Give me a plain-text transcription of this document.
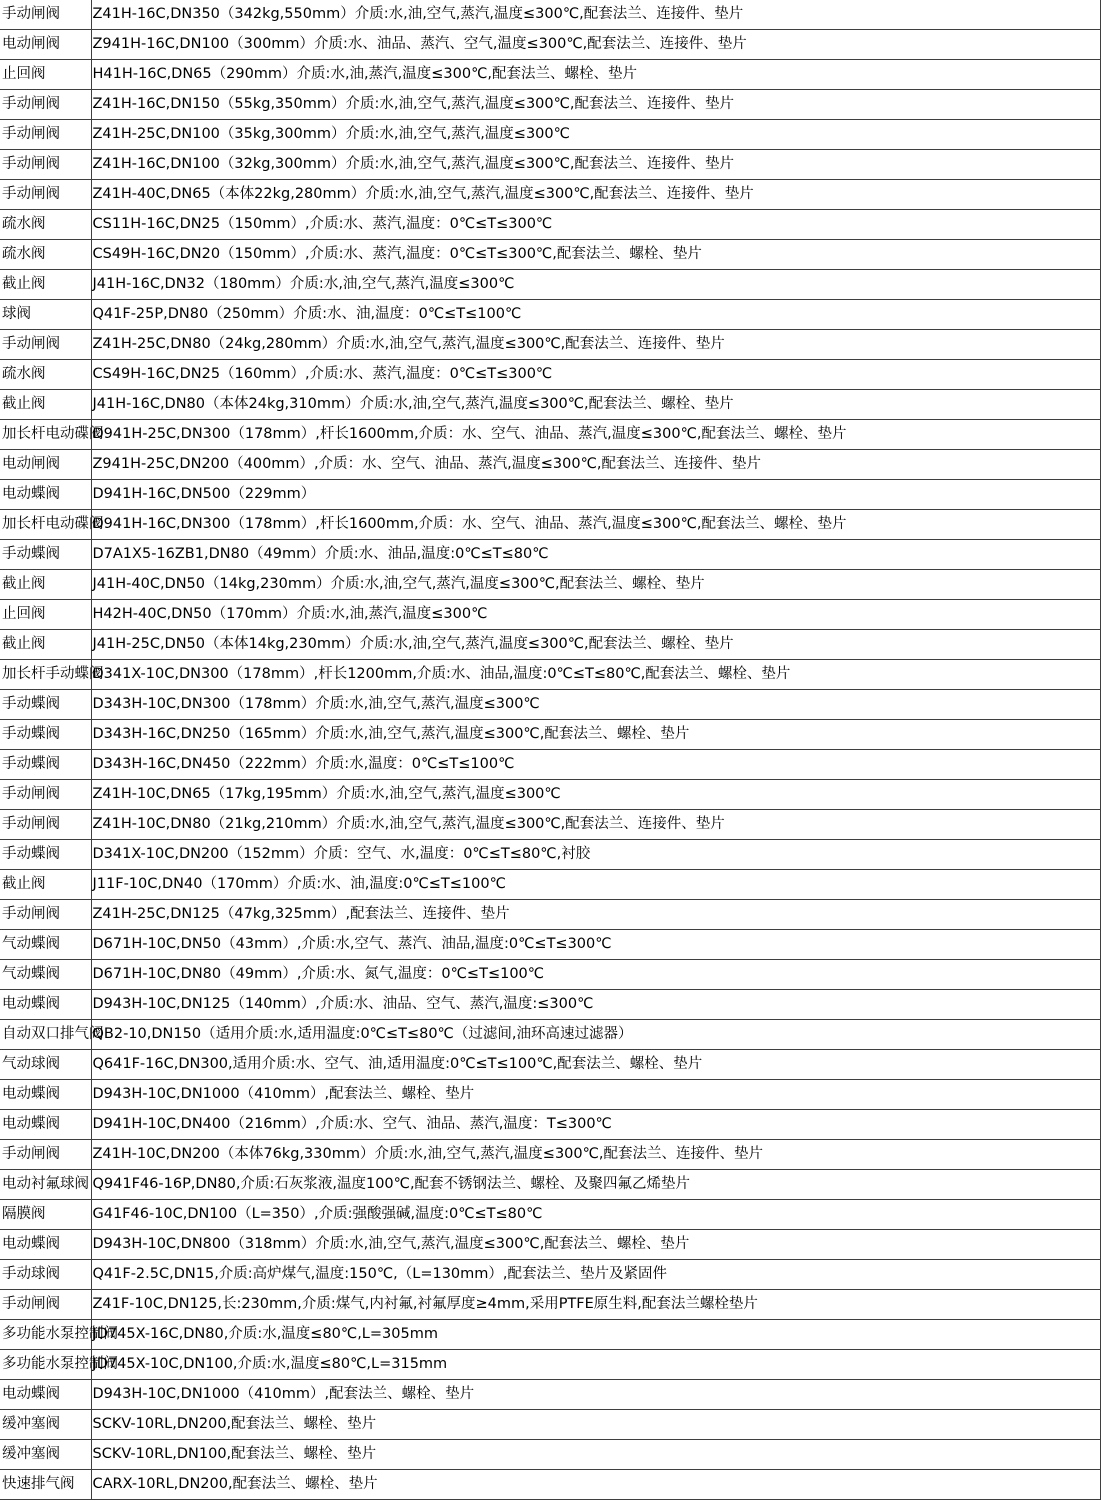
手动闸阀	Z41H-16C,DN350（342kg,550mm）介质:水,油,空气,蒸汽,温度≤300℃,配套法兰、连接件、垫片
电动闸阀	Z941H-16C,DN100（300mm）介质:水、油品、蒸汽、空气,温度≤300℃,配套法兰、连接件、垫片
止回阀	H41H-16C,DN65（290mm）介质:水,油,蒸汽,温度≤300℃,配套法兰、螺栓、垫片
手动闸阀	Z41H-16C,DN150（55kg,350mm）介质:水,油,空气,蒸汽,温度≤300℃,配套法兰、连接件、垫片
手动闸阀	Z41H-25C,DN100（35kg,300mm）介质:水,油,空气,蒸汽,温度≤300℃
手动闸阀	Z41H-16C,DN100（32kg,300mm）介质:水,油,空气,蒸汽,温度≤300℃,配套法兰、连接件、垫片
手动闸阀	Z41H-40C,DN65（本体22kg,280mm）介质:水,油,空气,蒸汽,温度≤300℃,配套法兰、连接件、垫片
疏水阀	CS11H-16C,DN25（150mm）,介质:水、蒸汽,温度：0℃≤T≤300℃
疏水阀	CS49H-16C,DN20（150mm）,介质:水、蒸汽,温度：0℃≤T≤300℃,配套法兰、螺栓、垫片
截止阀	J41H-16C,DN32（180mm）介质:水,油,空气,蒸汽,温度≤300℃
球阀	Q41F-25P,DN80（250mm）介质:水、油,温度：0℃≤T≤100℃
手动闸阀	Z41H-25C,DN80（24kg,280mm）介质:水,油,空气,蒸汽,温度≤300℃,配套法兰、连接件、垫片
疏水阀	CS49H-16C,DN25（160mm）,介质:水、蒸汽,温度：0℃≤T≤300℃
截止阀	J41H-16C,DN80（本体24kg,310mm）介质:水,油,空气,蒸汽,温度≤300℃,配套法兰、螺栓、垫片
加长杆电动碟阀	D941H-25C,DN300（178mm）,杆长1600mm,介质：水、空气、油品、蒸汽,温度≤300℃,配套法兰、螺栓、垫片
电动闸阀	Z941H-25C,DN200（400mm）,介质：水、空气、油品、蒸汽,温度≤300℃,配套法兰、连接件、垫片
电动蝶阀	D941H-16C,DN500（229mm）
加长杆电动碟阀	D941H-16C,DN300（178mm）,杆长1600mm,介质：水、空气、油品、蒸汽,温度≤300℃,配套法兰、螺栓、垫片
手动蝶阀	D7A1X5-16ZB1,DN80（49mm）介质:水、油品,温度:0℃≤T≤80℃
截止阀	J41H-40C,DN50（14kg,230mm）介质:水,油,空气,蒸汽,温度≤300℃,配套法兰、螺栓、垫片
止回阀	H42H-40C,DN50（170mm）介质:水,油,蒸汽,温度≤300℃
截止阀	J41H-25C,DN50（本体14kg,230mm）介质:水,油,空气,蒸汽,温度≤300℃,配套法兰、螺栓、垫片
加长杆手动蝶阀	D341X-10C,DN300（178mm）,杆长1200mm,介质:水、油品,温度:0℃≤T≤80℃,配套法兰、螺栓、垫片
手动蝶阀	D343H-10C,DN300（178mm）介质:水,油,空气,蒸汽,温度≤300℃
手动蝶阀	D343H-16C,DN250（165mm）介质:水,油,空气,蒸汽,温度≤300℃,配套法兰、螺栓、垫片
手动蝶阀	D343H-16C,DN450（222mm）介质:水,温度：0℃≤T≤100℃
手动闸阀	Z41H-10C,DN65（17kg,195mm）介质:水,油,空气,蒸汽,温度≤300℃
手动闸阀	Z41H-10C,DN80（21kg,210mm）介质:水,油,空气,蒸汽,温度≤300℃,配套法兰、连接件、垫片
手动蝶阀	D341X-10C,DN200（152mm）介质：空气、水,温度：0℃≤T≤80℃,衬胶
截止阀	J11F-10C,DN40（170mm）介质:水、油,温度:0℃≤T≤100℃
手动闸阀	Z41H-25C,DN125（47kg,325mm）,配套法兰、连接件、垫片
气动蝶阀	D671H-10C,DN50（43mm）,介质:水,空气、蒸汽、油品,温度:0℃≤T≤300℃
气动蝶阀	D671H-10C,DN80（49mm）,介质:水、氮气,温度：0℃≤T≤100℃
电动蝶阀	D943H-10C,DN125（140mm）,介质:水、油品、空气、蒸汽,温度:≤300℃
自动双口排气阀	QB2-10,DN150（适用介质:水,适用温度:0℃≤T≤80℃（过滤间,油环高速过滤器）
气动球阀	Q641F-16C,DN300,适用介质:水、空气、油,适用温度:0℃≤T≤100℃,配套法兰、螺栓、垫片
电动蝶阀	D943H-10C,DN1000（410mm）,配套法兰、螺栓、垫片
电动蝶阀	D941H-10C,DN400（216mm）,介质:水、空气、油品、蒸汽,温度：T≤300℃
手动闸阀	Z41H-10C,DN200（本体76kg,330mm）介质:水,油,空气,蒸汽,温度≤300℃,配套法兰、连接件、垫片
电动衬氟球阀	Q941F46-16P,DN80,介质:石灰浆液,温度100℃,配套不锈钢法兰、螺栓、及聚四氟乙烯垫片
隔膜阀	G41F46-10C,DN100（L=350）,介质:强酸强碱,温度:0℃≤T≤80℃
电动蝶阀	D943H-10C,DN800（318mm）介质:水,油,空气,蒸汽,温度≤300℃,配套法兰、螺栓、垫片
手动球阀	Q41F-2.5C,DN15,介质:高炉煤气,温度:150℃,（L=130mm）,配套法兰、垫片及紧固件
手动闸阀	Z41F-10C,DN125,长:230mm,介质:煤气,内衬氟,衬氟厚度≥4mm,采用PTFE原生料,配套法兰螺栓垫片
多功能水泵控制阀	JD745X-16C,DN80,介质:水,温度≤80℃,L=305mm
多功能水泵控制阀	JD745X-10C,DN100,介质:水,温度≤80℃,L=315mm
电动蝶阀	D943H-10C,DN1000（410mm）,配套法兰、螺栓、垫片
缓冲塞阀	SCKV-10RL,DN200,配套法兰、螺栓、垫片
缓冲塞阀	SCKV-10RL,DN100,配套法兰、螺栓、垫片
快速排气阀	CARX-10RL,DN200,配套法兰、螺栓、垫片
